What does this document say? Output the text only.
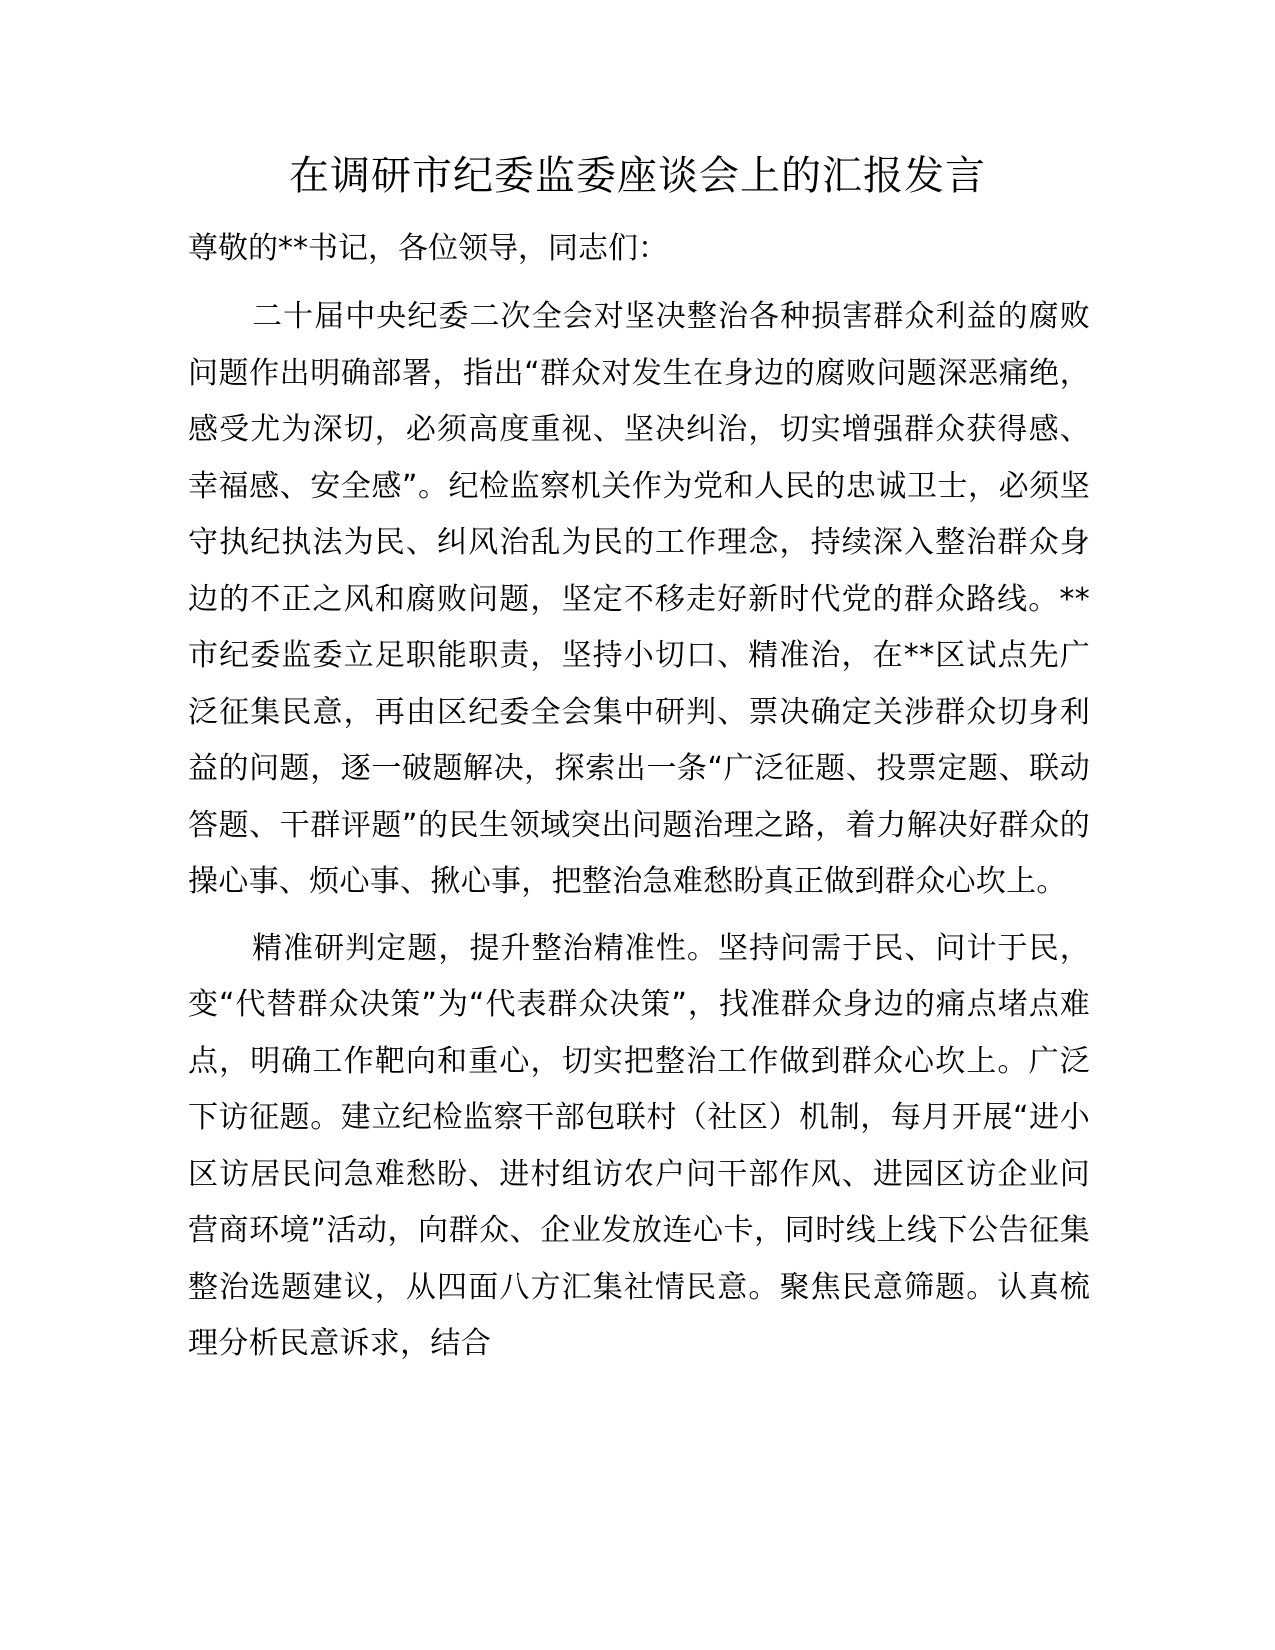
在调研市纪委监委座谈会上的汇报发言

尊敬的**书记，各位领导，同志们：

二十届中央纪委二次全会对坚决整治各种损害群众利益的腐败问题作出明确部署，指出“群众对发生在身边的腐败问题深恶痛绝，感受尤为深切，必须高度重视、坚决纠治，切实增强群众获得感、幸福感、安全感”。纪检监察机关作为党和人民的忠诚卫士，必须坚守执纪执法为民、纠风治乱为民的工作理念，持续深入整治群众身边的不正之风和腐败问题，坚定不移走好新时代党的群众路线。**市纪委监委立足职能职责，坚持小切口、精准治，在**区试点先广泛征集民意，再由区纪委全会集中研判、票决确定关涉群众切身利益的问题，逐一破题解决，探索出一条“广泛征题、投票定题、联动答题、干群评题”的民生领域突出问题治理之路，着力解决好群众的操心事、烦心事、揪心事，把整治急难愁盼真正做到群众心坎上。

精准研判定题，提升整治精准性。坚持问需于民、问计于民，变“代替群众决策”为“代表群众决策”，找准群众身边的痛点堵点难点，明确工作靶向和重心，切实把整治工作做到群众心坎上。广泛下访征题。建立纪检监察干部包联村（社区）机制，每月开展“进小区访居民问急难愁盼、进村组访农户问干部作风、进园区访企业问营商环境”活动，向群众、企业发放连心卡，同时线上线下公告征集整治选题建议，从四面八方汇集社情民意。聚焦民意筛题。认真梳理分析民意诉求，结合
